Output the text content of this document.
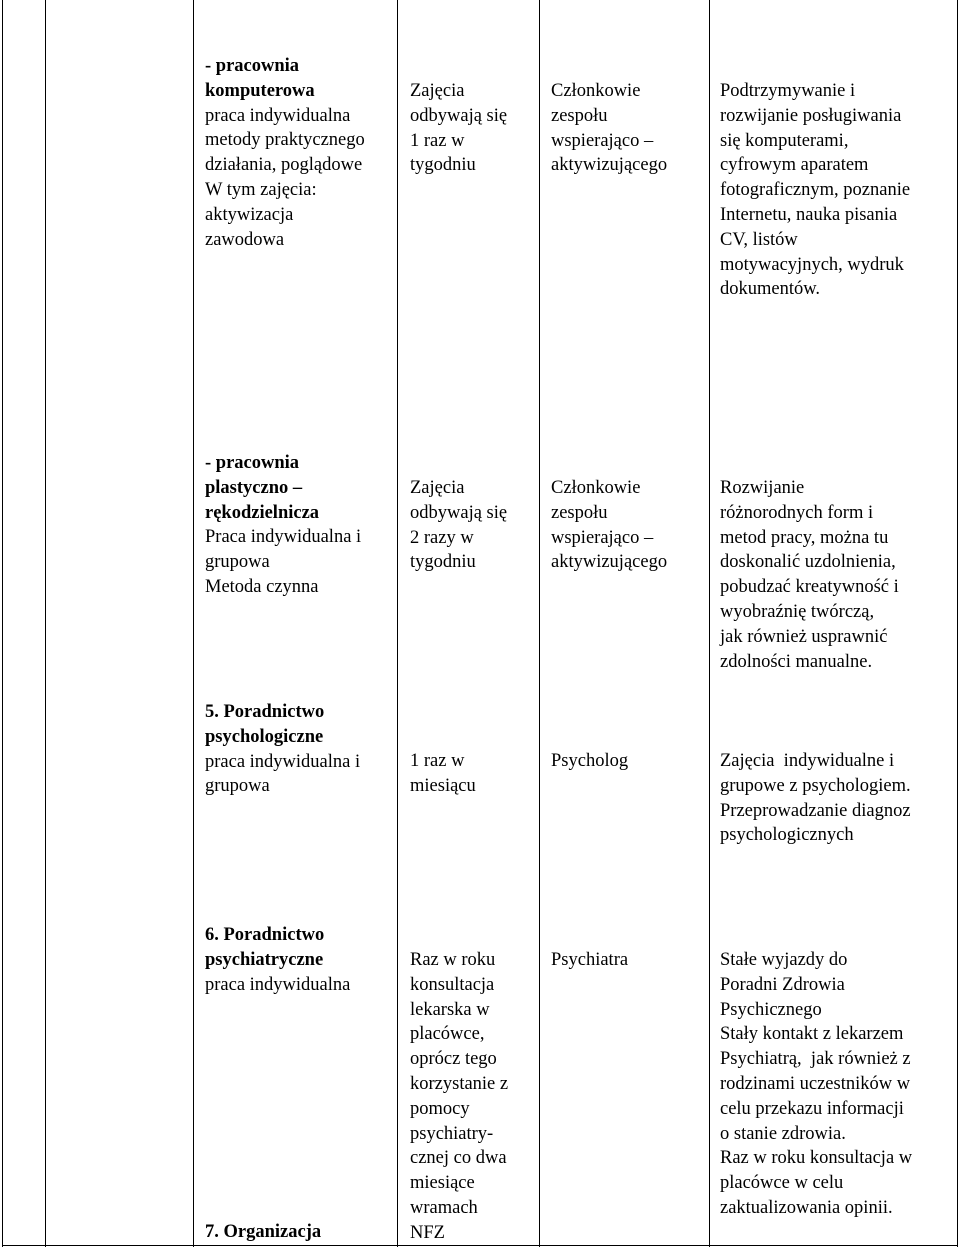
- pracownia
komputerowa
praca indywidualna
metody praktycznego
działania, poglądowe
W tym zajęcia:
aktywizacja
zawodowa
Zajęcia
odbywają się
1 raz w
tygodniu
Członkowie
zespołu
wspierająco –
aktywizującego
Podtrzymywanie i
rozwijanie posługiwania
się komputerami,
cyfrowym aparatem
fotograficznym, poznanie
Internetu, nauka pisania
CV, listów
motywacyjnych, wydruk
dokumentów.
- pracownia
plastyczno –
rękodzielnicza
Praca indywidualna i
grupowa
Metoda czynna
Zajęcia
odbywają się
2 razy w
tygodniu
Członkowie
zespołu
wspierająco –
aktywizującego
Rozwijanie
różnorodnych form i
metod pracy, można tu
doskonalić uzdolnienia,
pobudzać kreatywność i
wyobraźnię twórczą,
jak również usprawnić
zdolności manualne.
5. Poradnictwo
psychologiczne
praca indywidualna i
grupowa
1 raz w
miesiącu
Psycholog	Zajęcia  indywidualne i
grupowe z psychologiem.
Przeprowadzanie diagnoz
psychologicznych
6. Poradnictwo
psychiatryczne
praca indywidualna
Raz w roku
konsultacja
lekarska w
placówce,
oprócz tego
korzystanie z
pomocy
psychiatry-
cznej co dwa
miesiące
wramach
NFZ
Psychiatra	Stałe wyjazdy do
Poradni Zdrowia
Psychicznego
Stały kontakt z lekarzem
Psychiatrą,  jak również z
rodzinami uczestników w
celu przekazu informacji
o stanie zdrowia.
Raz w roku konsultacja w
placówce w celu
zaktualizowania opinii.
7. Organizacja
